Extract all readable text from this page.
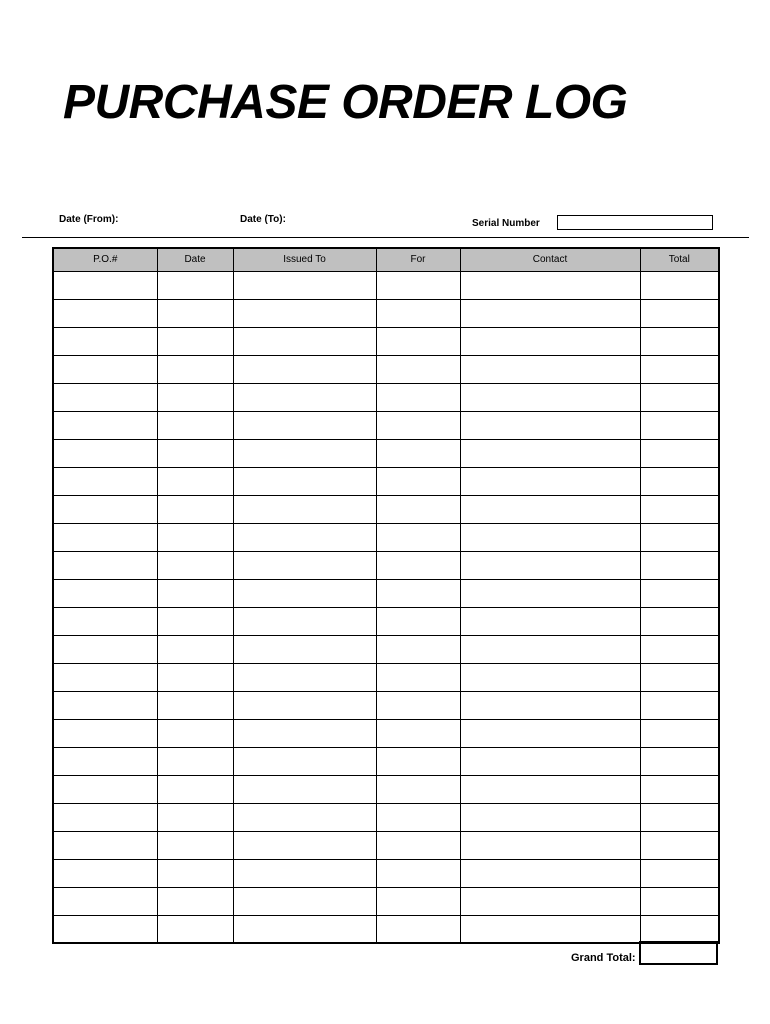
PURCHASE ORDER LOG
Date (From):	Date (To):	Serial Number
P.O.#	Date	Issued To	For	Contact	Total

Grand Total:
